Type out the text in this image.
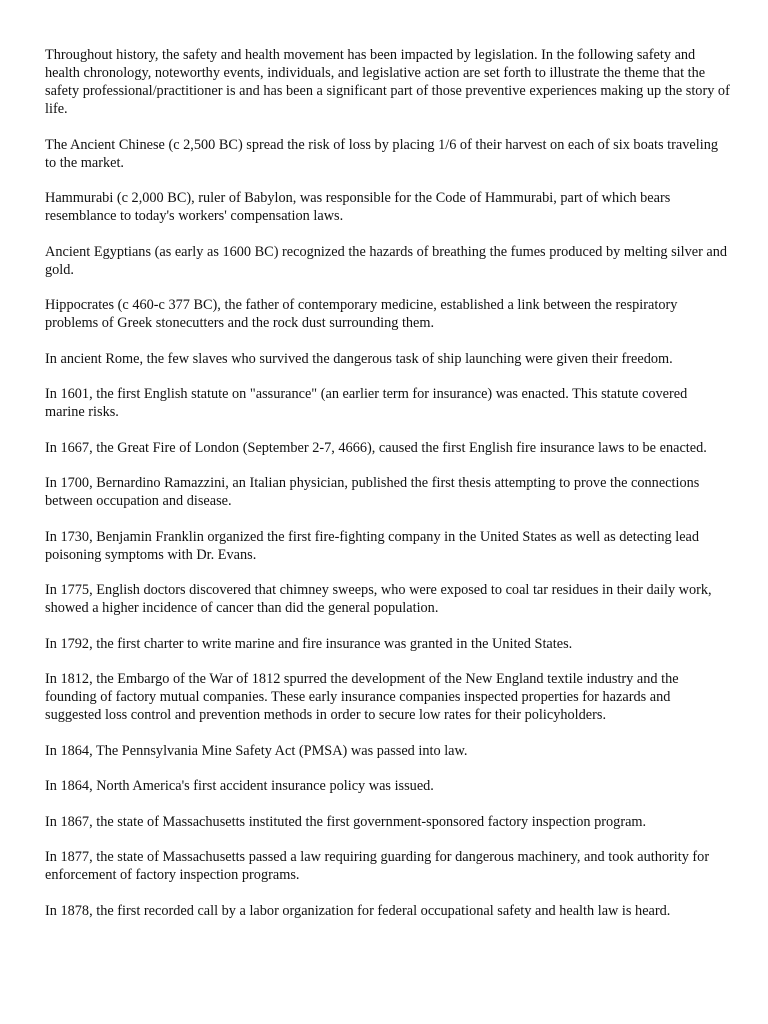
Throughout history, the safety and health movement has been impacted by legislation. In the following safety and health chronology, noteworthy events, individuals, and legislative action are set forth to illustrate the theme that the safety professional/practitioner is and has been a significant part of those preventive experiences making up the story of life.

The Ancient Chinese (c 2,500 BC) spread the risk of loss by placing 1/6 of their harvest on each of six boats traveling to the market.

Hammurabi (c 2,000 BC), ruler of Babylon, was responsible for the Code of Hammurabi, part of which bears resemblance to today's workers' compensation laws.

Ancient Egyptians (as early as 1600 BC) recognized the hazards of breathing the fumes produced by melting silver and gold.

Hippocrates (c 460-c 377 BC), the father of contemporary medicine, established a link between the respiratory problems of Greek stonecutters and the rock dust surrounding them.

In ancient Rome, the few slaves who survived the dangerous task of ship launching were given their freedom.

In 1601, the first English statute on "assurance" (an earlier term for insurance) was enacted. This statute covered marine risks.

In 1667, the Great Fire of London (September 2-7, 4666), caused the first English fire insurance laws to be enacted.

In 1700, Bernardino Ramazzini, an Italian physician, published the first thesis attempting to prove the connections between occupation and disease.

In 1730, Benjamin Franklin organized the first fire-fighting company in the United States as well as detecting lead poisoning symptoms with Dr. Evans.

In 1775, English doctors discovered that chimney sweeps, who were exposed to coal tar residues in their daily work, showed a higher incidence of cancer than did the general population.

In 1792, the first charter to write marine and fire insurance was granted in the United States.

In 1812, the Embargo of the War of 1812 spurred the development of the New England textile industry and the founding of factory mutual companies. These early insurance companies inspected properties for hazards and suggested loss control and prevention methods in order to secure low rates for their policyholders.

In 1864, The Pennsylvania Mine Safety Act (PMSA) was passed into law.

In 1864, North America's first accident insurance policy was issued.

In 1867, the state of Massachusetts instituted the first government-sponsored factory inspection program.

In 1877, the state of Massachusetts passed a law requiring guarding for dangerous machinery, and took authority for enforcement of factory inspection programs.

In 1878, the first recorded call by a labor organization for federal occupational safety and health law is heard.
